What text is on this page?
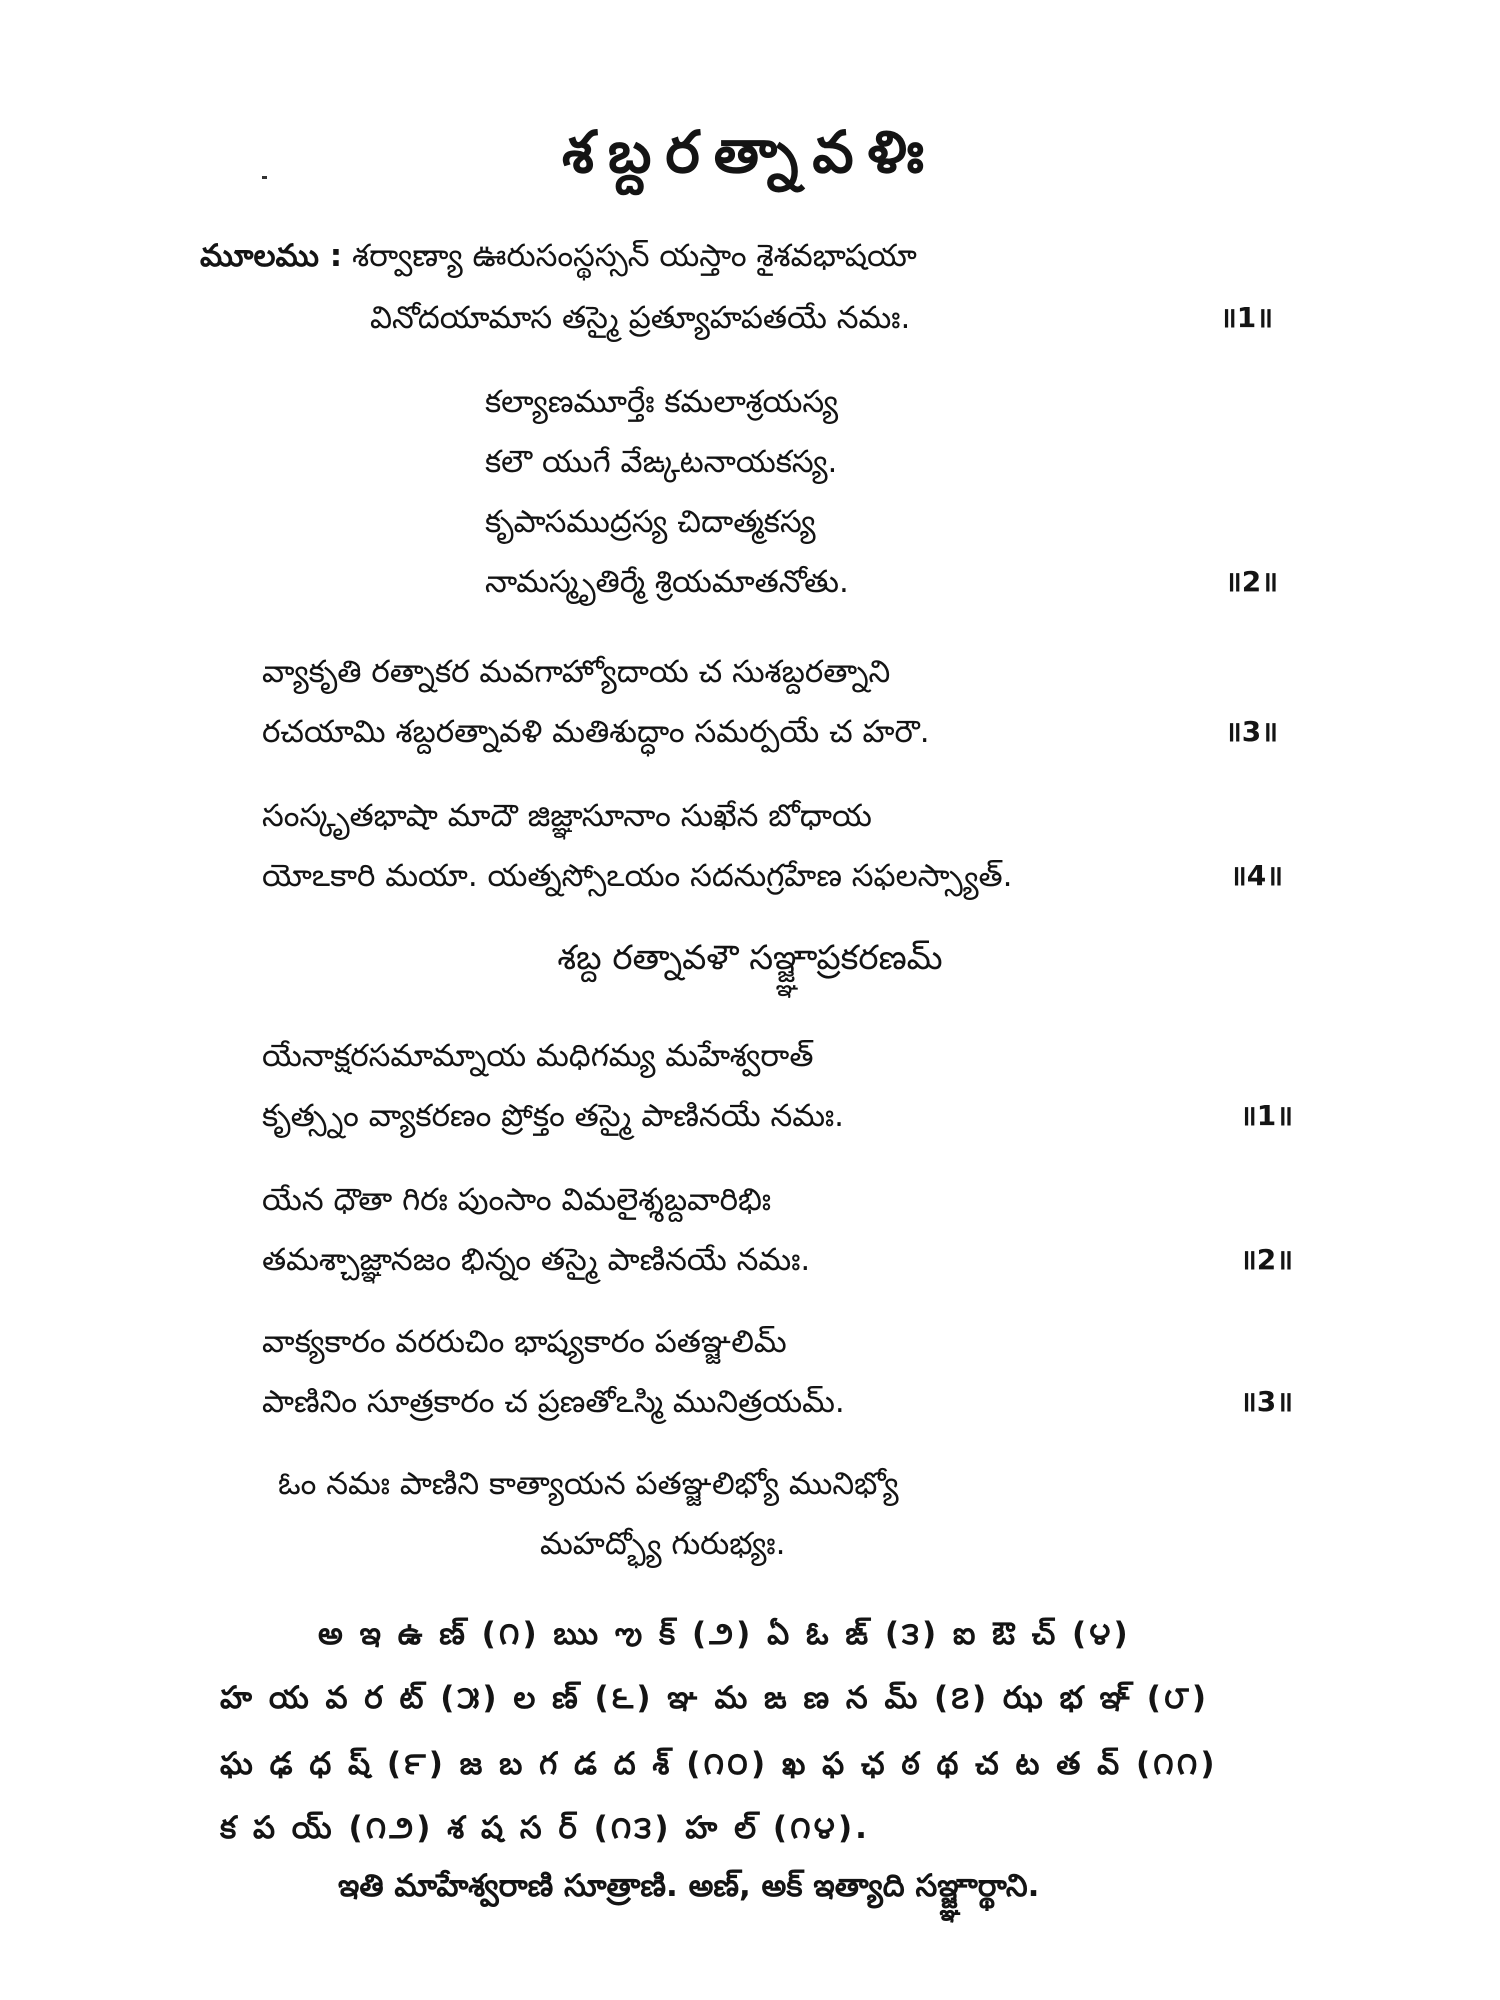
శబ్దరత్నావళిః
మూలము : శర్వాణ్యా ఊరుసంస్థస్సన్ యస్తాం శైశవభాషయా
వినోదయామాస తస్మై ప్రత్యూహపతయే నమః.	॥1॥
కల్యాణమూర్తేః కమలాశ్రయస్య
కలౌ యుగే వేఙ్కటనాయకస్య.
కృపాసముద్రస్య చిదాత్మకస్య
నామస్మృతిర్మే శ్రియమాతనోతు.	॥2॥
వ్యాకృతి రత్నాకర మవగాహ్యోదాయ చ సుశబ్దరత్నాని
రచయామి శబ్దరత్నావళి మతిశుద్ధాం సమర్పయే చ హరౌ.	॥3॥
సంస్కృతభాషా మాదౌ జిజ్ఞాసూనాం సుఖేన బోధాయ
యోఽకారి మయా. యత్నస్సోఽయం సదనుగ్రహేణ సఫలస్స్యాత్.	॥4॥
శబ్ద రత్నావళౌ సఞ్జ్ఞాప్రకరణమ్
యేనాక్షరసమామ్నాయ మధిగమ్య మహేశ్వరాత్
కృత్స్నం వ్యాకరణం ప్రోక్తం తస్మై పాణినయే నమః.	॥1॥
యేన ధౌతా గిరః పుంసాం విమలైశ్శబ్దవారిభిః
తమశ్చాజ్ఞానజం భిన్నం తస్మై పాణినయే నమః.	॥2॥
వాక్యకారం వరరుచిం భాష్యకారం పతఞ్జలిమ్
పాణినిం సూత్రకారం చ ప్రణతోఽస్మి మునిత్రయమ్.	॥3॥
ఓం నమః పాణిని కాత్యాయన పతఞ్జలిభ్యో మునిభ్యో
మహద్భ్యో గురుభ్యః.
అ ఇ ఉ ణ్ (౧) ఋ ఌ క్ (౨) ఏ ఓ ఙ్ (౩) ఐ ఔ చ్ (౪)
హ య వ ర ట్ (౫) ల ణ్ (౬) ఞ మ ఙ ణ న మ్ (౭) ఝ భ ఞ్ (౮)
ఘ ఢ ధ ష్ (౯) జ బ గ డ ద శ్ (౧౦) ఖ ఫ ఛ ఠ థ చ ట త వ్ (౧౧)
క ప య్ (౧౨) శ ష స ర్ (౧౩) హ ల్ (౧౪).
ఇతి మాహేశ్వరాణి సూత్రాణి. అణ్, అక్ ఇత్యాది సఞ్జ్ఞార్థాని.
